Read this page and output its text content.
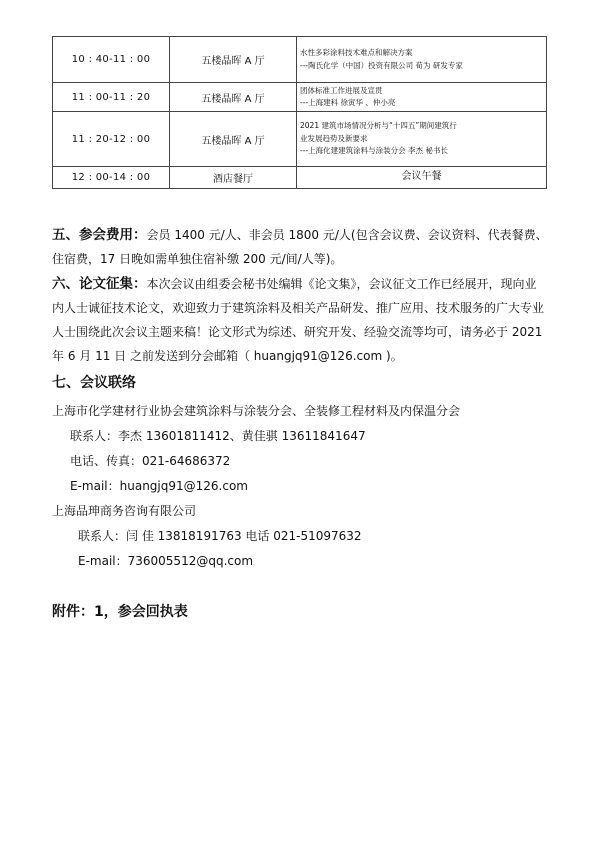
10 : 40-11 : 00	五楼晶晖 A 厅	水性多彩涂料技术难点和解决方案
---陶氏化学（中国）投资有限公司 荀为 研发专家

11 : 00-11 : 20	五楼晶晖 A 厅	团体标准工作进展及宣贯
---上海建科 徐寅华 、仲小亮

11 : 20-12 : 00	五楼晶晖 A 厅	2021 建筑市场情况分析与“十四五”期间建筑行
业发展趋势及新要求
---上海化建建筑涂料与涂装分会 李杰 秘书长

12 : 00-14 : 00	酒店餐厅	会议午餐
五、参会费用：会员 1400 元/人、非会员 1800 元/人(包含会议费、会议资料、代表餐费、
住宿费，17 日晚如需单独住宿补缴 200 元/间/人等)。
六、论文征集：本次会议由组委会秘书处编辑《论文集》，会议征文工作已经展开，现向业
内人士诚征技术论文，欢迎致力于建筑涂料及相关产品研发、推广应用、技术服务的广大专业
人士围绕此次会议主题来稿！论文形式为综述、研究开发、经验交流等均可，请务必于 2021
年 6 月 11 日 之前发送到分会邮箱（ huangjq91@126.com )。
七、会议联络
上海市化学建材行业协会建筑涂料与涂装分会、全装修工程材料及内保温分会
联系人：李杰 13601811412、黄佳骐 13611841647
电话、传真：021-64686372
E-mail：huangjq91@126.com
上海品珅商务咨询有限公司
联系人：闫 佳 13818191763 电话 021-51097632
E-mail：736005512@qq.com
附件：1，参会回执表
